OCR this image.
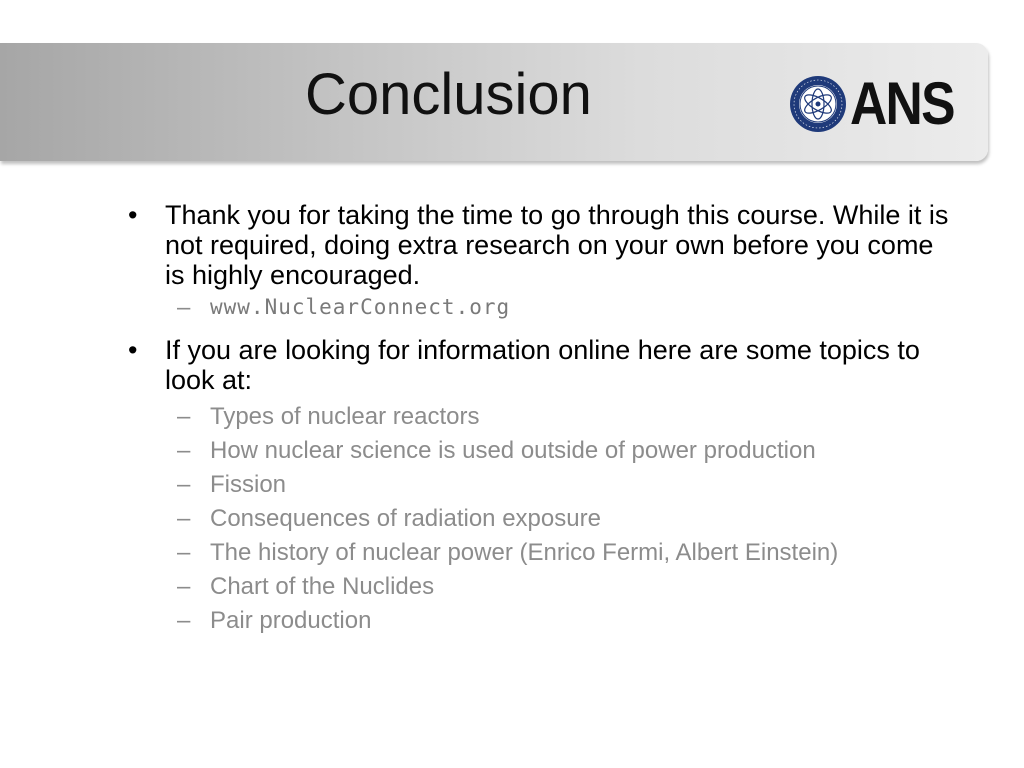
Conclusion	ANS
• Thank you for taking the time to go through this course. While it is not required, doing extra research on your own before you come is highly encouraged.
– www.NuclearConnect.org
• If you are looking for information online here are some topics to look at:
– Types of nuclear reactors
– How nuclear science is used outside of power production
– Fission
– Consequences of radiation exposure
– The history of nuclear power (Enrico Fermi, Albert Einstein)
– Chart of the Nuclides
– Pair production
